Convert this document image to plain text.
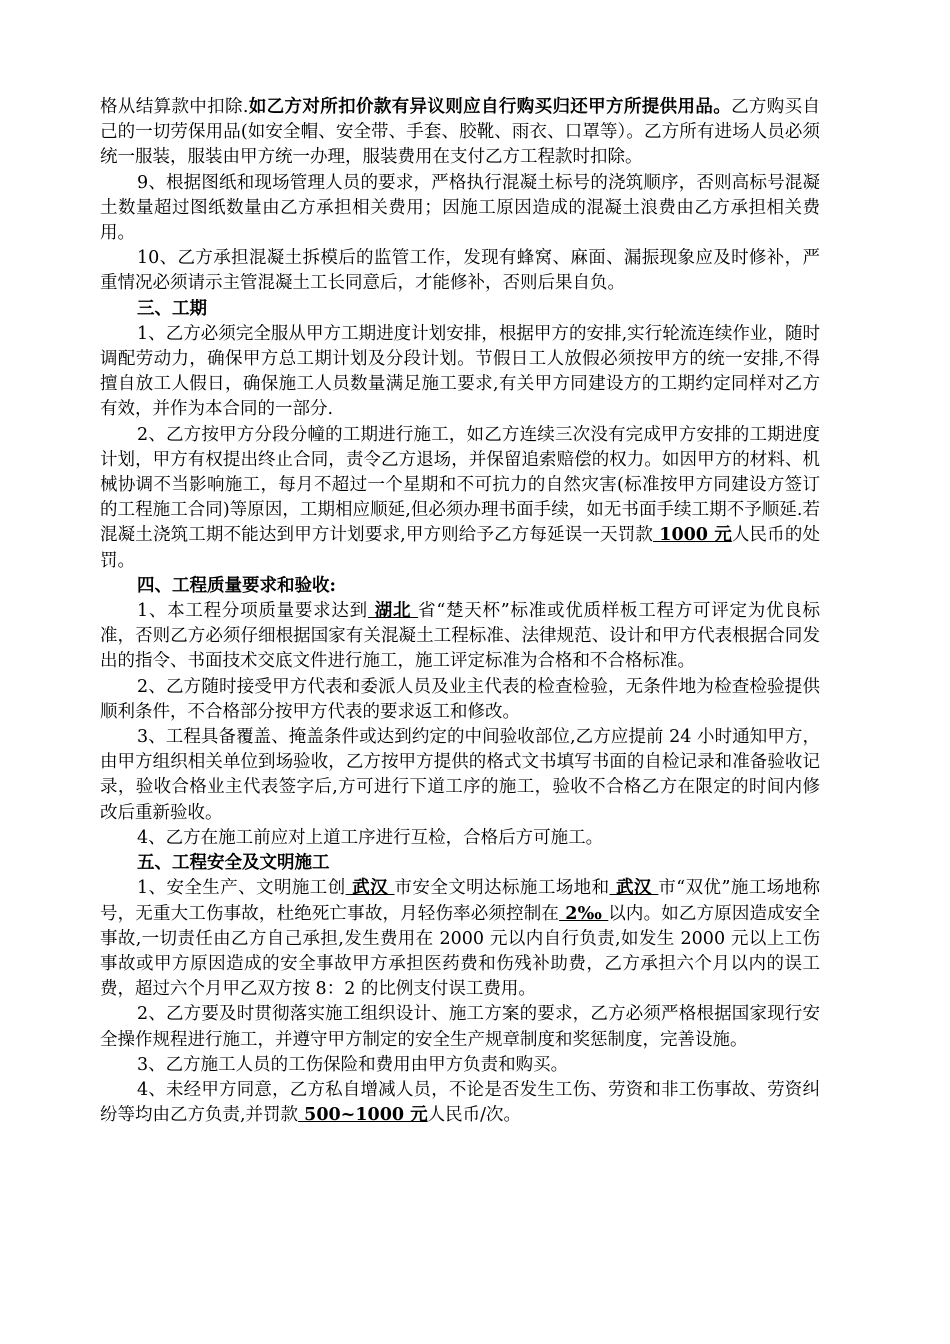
格从结算款中扣除.如乙方对所扣价款有异议则应自行购买归还甲方所提供用品。乙方购买自己的一切劳保用品(如安全帽、安全带、手套、胶靴、雨衣、口罩等）。乙方所有进场人员必须统一服装，服装由甲方统一办理，服装费用在支付乙方工程款时扣除。

9、根据图纸和现场管理人员的要求，严格执行混凝土标号的浇筑顺序，否则高标号混凝土数量超过图纸数量由乙方承担相关费用；因施工原因造成的混凝土浪费由乙方承担相关费用。

10、乙方承担混凝土拆模后的监管工作，发现有蜂窝、麻面、漏振现象应及时修补，严重情况必须请示主管混凝土工长同意后，才能修补，否则后果自负。

三、工期

1、乙方必须完全服从甲方工期进度计划安排，根据甲方的安排,实行轮流连续作业，随时调配劳动力，确保甲方总工期计划及分段计划。节假日工人放假必须按甲方的统一安排,不得擅自放工人假日，确保施工人员数量满足施工要求,有关甲方同建设方的工期约定同样对乙方有效，并作为本合同的一部分.

2、乙方按甲方分段分幢的工期进行施工，如乙方连续三次没有完成甲方安排的工期进度计划，甲方有权提出终止合同，责令乙方退场，并保留追索赔偿的权力。如因甲方的材料、机械协调不当影响施工，每月不超过一个星期和不可抗力的自然灾害(标准按甲方同建设方签订的工程施工合同)等原因，工期相应顺延,但必须办理书面手续，如无书面手续工期不予顺延.若混凝土浇筑工期不能达到甲方计划要求,甲方则给予乙方每延误一天罚款 1000 元人民币的处罚。

四、工程质量要求和验收:

1、本工程分项质量要求达到 湖北 省“楚天杯”标准或优质样板工程方可评定为优良标准，否则乙方必须仔细根据国家有关混凝土工程标准、法律规范、设计和甲方代表根据合同发出的指令、书面技术交底文件进行施工，施工评定标准为合格和不合格标准。

2、乙方随时接受甲方代表和委派人员及业主代表的检查检验，无条件地为检查检验提供顺利条件，不合格部分按甲方代表的要求返工和修改。

3、工程具备覆盖、掩盖条件或达到约定的中间验收部位,乙方应提前 24 小时通知甲方，由甲方组织相关单位到场验收，乙方按甲方提供的格式文书填写书面的自检记录和准备验收记录，验收合格业主代表签字后,方可进行下道工序的施工，验收不合格乙方在限定的时间内修改后重新验收。

4、乙方在施工前应对上道工序进行互检，合格后方可施工。

五、工程安全及文明施工

1、安全生产、文明施工创 武汉 市安全文明达标施工场地和 武汉 市“双优”施工场地称号，无重大工伤事故，杜绝死亡事故，月轻伤率必须控制在 2‰ 以内。如乙方原因造成安全事故,一切责任由乙方自己承担,发生费用在 2000 元以内自行负责,如发生 2000 元以上工伤事故或甲方原因造成的安全事故甲方承担医药费和伤残补助费，乙方承担六个月以内的误工费，超过六个月甲乙双方按 8：2 的比例支付误工费用。

2、乙方要及时贯彻落实施工组织设计、施工方案的要求，乙方必须严格根据国家现行安全操作规程进行施工，并遵守甲方制定的安全生产规章制度和奖惩制度，完善设施。

3、乙方施工人员的工伤保险和费用由甲方负责和购买。

4、未经甲方同意，乙方私自增减人员，不论是否发生工伤、劳资和非工伤事故、劳资纠纷等均由乙方负责,并罚款 500~1000 元人民币/次。
